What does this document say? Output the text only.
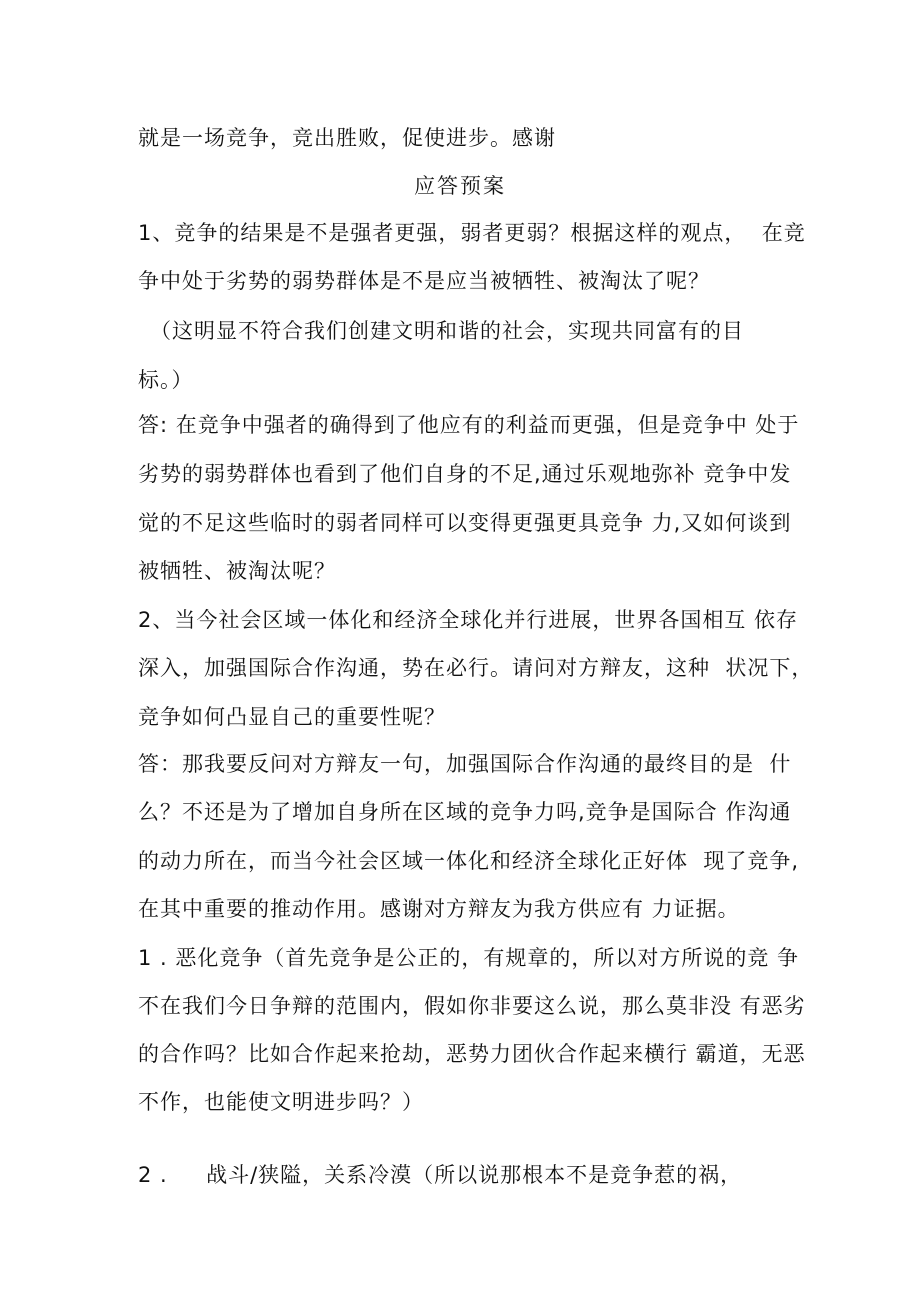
就是一场竞争，竞出胜败，促使进步。感谢
应答预案
1、竞争的结果是不是强者更强，弱者更弱？根据这样的观点，  在竞
争中处于劣势的弱势群体是不是应当被牺牲、被淘汰了呢？
（这明显不符合我们创建文明和谐的社会，实现共同富有的目
标。）
答: 在竞争中强者的确得到了他应有的利益而更强，但是竞争中 处于
劣势的弱势群体也看到了他们自身的不足,通过乐观地弥补 竞争中发
觉的不足这些临时的弱者同样可以变得更强更具竞争 力,又如何谈到
被牺牲、被淘汰呢？
2、当今社会区域一体化和经济全球化并行进展，世界各国相互 依存
深入，加强国际合作沟通，势在必行。请问对方辩友，这种  状况下，
竞争如何凸显自己的重要性呢？
答：那我要反问对方辩友一句，加强国际合作沟通的最终目的是  什
么？不还是为了增加自身所在区域的竞争力吗,竞争是国际合 作沟通
的动力所在，而当今社会区域一体化和经济全球化正好体  现了竞争,
在其中重要的推动作用。感谢对方辩友为我方供应有 力证据。
1 . 恶化竞争（首先竞争是公正的，有规章的，所以对方所说的竞 争
不在我们今日争辩的范围内，假如你非要这么说，那么莫非没 有恶劣
的合作吗？比如合作起来抢劫，恶势力团伙合作起来横行 霸道，无恶
不作，也能使文明进步吗？）
2 .     战斗/狭隘，关系冷漠（所以说那根本不是竞争惹的祸，
